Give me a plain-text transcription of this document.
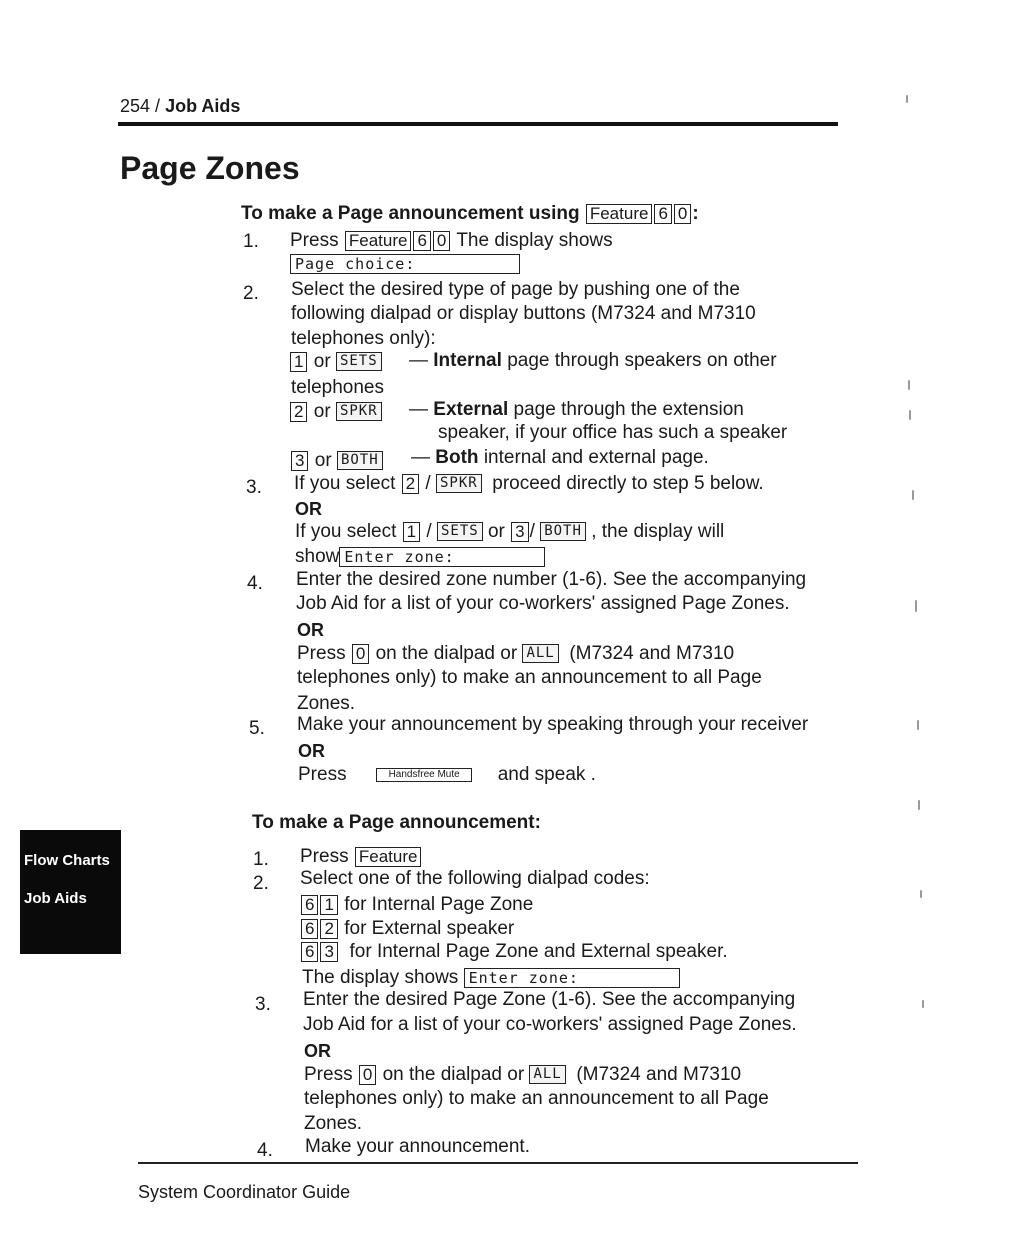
254 / Job Aids
Page Zones
To make a Page announcement using Feature 6 0 :
1. Press Feature 6 0 The display shows
Page choice:
2. Select the desired type of page by pushing one of the
following dialpad or display buttons (M7324 and M7310
telephones only):
1 or SETS — Internal page through speakers on other
telephones
2 or SPKR — External page through the extension
speaker, if your office has such a speaker
3 or BOTH — Both internal and external page.
3. If you select 2 / SPKR proceed directly to step 5 below.
OR
If you select 1 / SETS or 3 / BOTH , the display will
show Enter zone:
4. Enter the desired zone number (1-6). See the accompanying
Job Aid for a list of your co-workers' assigned Page Zones.
OR
Press 0 on the dialpad or ALL (M7324 and M7310
telephones only) to make an announcement to all Page
Zones.
5. Make your announcement by speaking through your receiver
OR
Press	Handsfree Mute and speak .
To make a Page announcement:
1. Press Feature
2. Select one of the following dialpad codes:
6 1 for Internal Page Zone
6 2 for External speaker
6 3 for Internal Page Zone and External speaker.
The display shows Enter zone:
3. Enter the desired Page Zone (1-6). See the accompanying
Job Aid for a list of your co-workers' assigned Page Zones.
OR
Press 0 on the dialpad or ALL (M7324 and M7310
telephones only) to make an announcement to all Page
Zones.
4. Make your announcement.
Flow Charts
Job Aids
System Coordinator Guide
